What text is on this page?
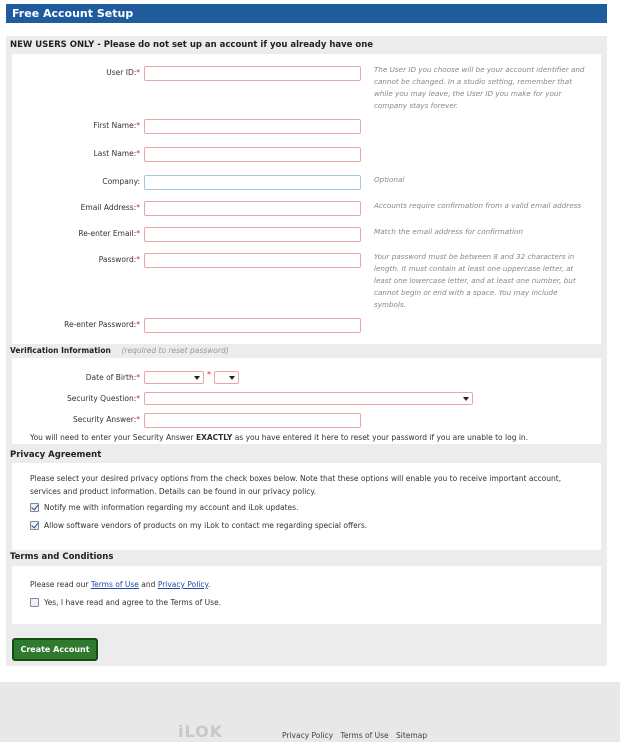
Free Account Setup
NEW USERS ONLY - Please do not set up an account if you already have one
User ID:*	The User ID you choose will be your account identifier and cannot be changed. In a studio setting, remember that while you may leave, the User ID you make for your company stays forever.
First Name:*
Last Name:*
Company:	Optional
Email Address:*	Accounts require confirmation from a valid email address
Re-enter Email:*	Match the email address for confirmation
Password:*	Your password must be between 8 and 32 characters in length. It must contain at least one uppercase letter, at least one lowercase letter, and at least one number, but cannot begin or end with a space. You may include symbols.
Re-enter Password:*
Verification Information (required to reset password)
Date of Birth:*	*
Security Question:*
Security Answer:*
You will need to enter your Security Answer EXACTLY as you have entered it here to reset your password if you are unable to log in.
Privacy Agreement
Please select your desired privacy options from the check boxes below. Note that these options will enable you to receive important account, services and product information. Details can be found in our privacy policy.
Notify me with information regarding my account and iLok updates.
Allow software vendors of products on my iLok to contact me regarding special offers.
Terms and Conditions
Please read our Terms of Use and Privacy Policy.
Yes, I have read and agree to the Terms of Use.
Create Account
iLOK	Privacy Policy Terms of Use Sitemap
